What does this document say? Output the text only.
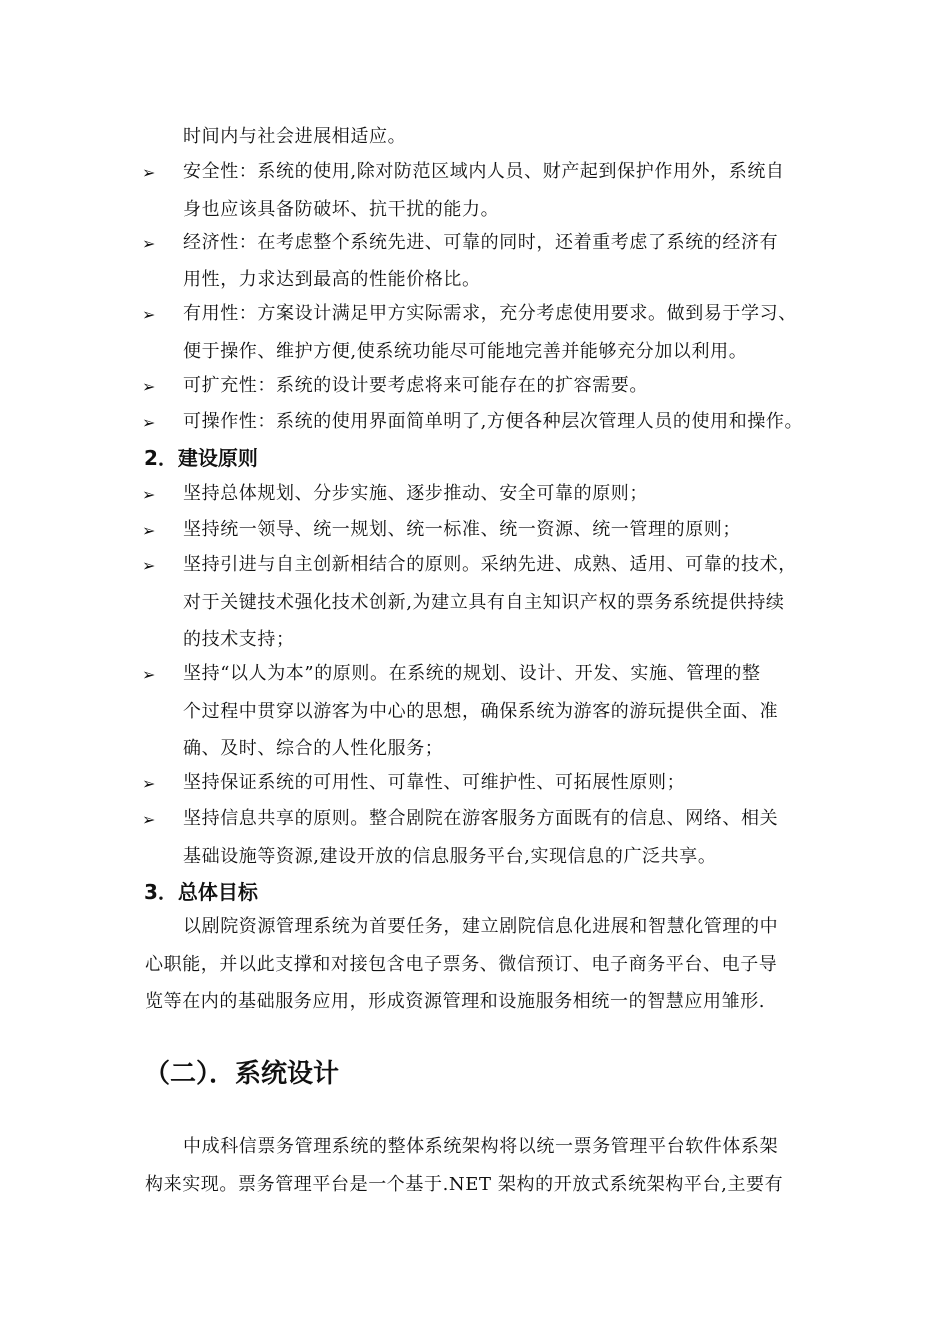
时间内与社会进展相适应。
➢ 安全性：系统的使用,除对防范区域内人员、财产起到保护作用外，系统自
身也应该具备防破坏、抗干扰的能力。
➢ 经济性：在考虑整个系统先进、可靠的同时，还着重考虑了系统的经济有
用性，力求达到最高的性能价格比。
➢ 有用性：方案设计满足甲方实际需求，充分考虑使用要求。做到易于学习、
便于操作、维护方便,使系统功能尽可能地完善并能够充分加以利用。
➢ 可扩充性：系统的设计要考虑将来可能存在的扩容需要。
➢ 可操作性：系统的使用界面简单明了,方便各种层次管理人员的使用和操作。
2．建设原则
➢ 坚持总体规划、分步实施、逐步推动、安全可靠的原则；
➢ 坚持统一领导、统一规划、统一标准、统一资源、统一管理的原则；
➢ 坚持引进与自主创新相结合的原则。采纳先进、成熟、适用、可靠的技术，
对于关键技术强化技术创新,为建立具有自主知识产权的票务系统提供持续
的技术支持；
➢ 坚持“以人为本”的原则。在系统的规划、设计、开发、实施、管理的整
个过程中贯穿以游客为中心的思想，确保系统为游客的游玩提供全面、准
确、及时、综合的人性化服务；
➢ 坚持保证系统的可用性、可靠性、可维护性、可拓展性原则；
➢ 坚持信息共享的原则。整合剧院在游客服务方面既有的信息、网络、相关
基础设施等资源,建设开放的信息服务平台,实现信息的广泛共享。
3．总体目标
以剧院资源管理系统为首要任务，建立剧院信息化进展和智慧化管理的中
心职能，并以此支撑和对接包含电子票务、微信预订、电子商务平台、电子导
览等在内的基础服务应用，形成资源管理和设施服务相统一的智慧应用雏形.
（二）．系统设计
中成科信票务管理系统的整体系统架构将以统一票务管理平台软件体系架
构来实现。票务管理平台是一个基于.NET 架构的开放式系统架构平台,主要有
